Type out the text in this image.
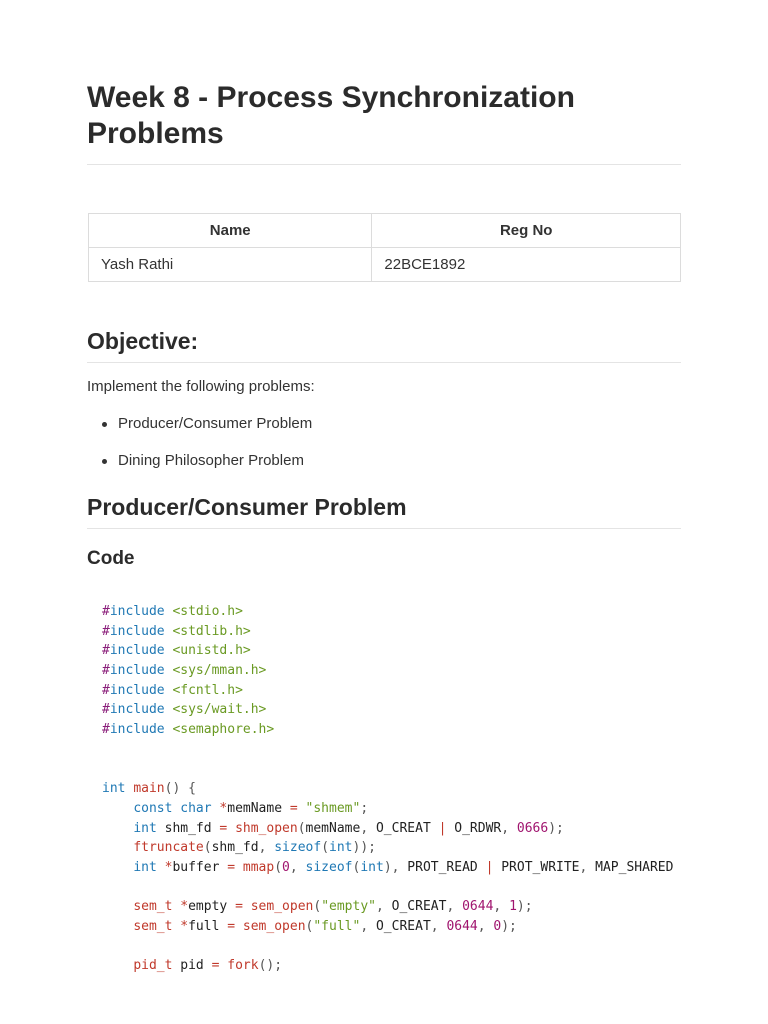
Week 8 - Process Synchronization Problems
Name	Reg No
Yash Rathi	22BCE1892
Objective:

Implement the following problems:

Producer/Consumer Problem
Dining Philosopher Problem
Producer/Consumer Problem
Code
#include <stdio.h>
#include <stdlib.h>
#include <unistd.h>
#include <sys/mman.h>
#include <fcntl.h>
#include <sys/wait.h>
#include <semaphore.h>

int main() {
const char *memName = "shmem";
int shm_fd = shm_open(memName, O_CREAT | O_RDWR, 0666);
ftruncate(shm_fd, sizeof(int));
int *buffer = mmap(0, sizeof(int), PROT_READ | PROT_WRITE, MAP_SHARED

sem_t *empty = sem_open("empty", O_CREAT, 0644, 1);
sem_t *full = sem_open("full", O_CREAT, 0644, 0);

pid_t pid = fork();
